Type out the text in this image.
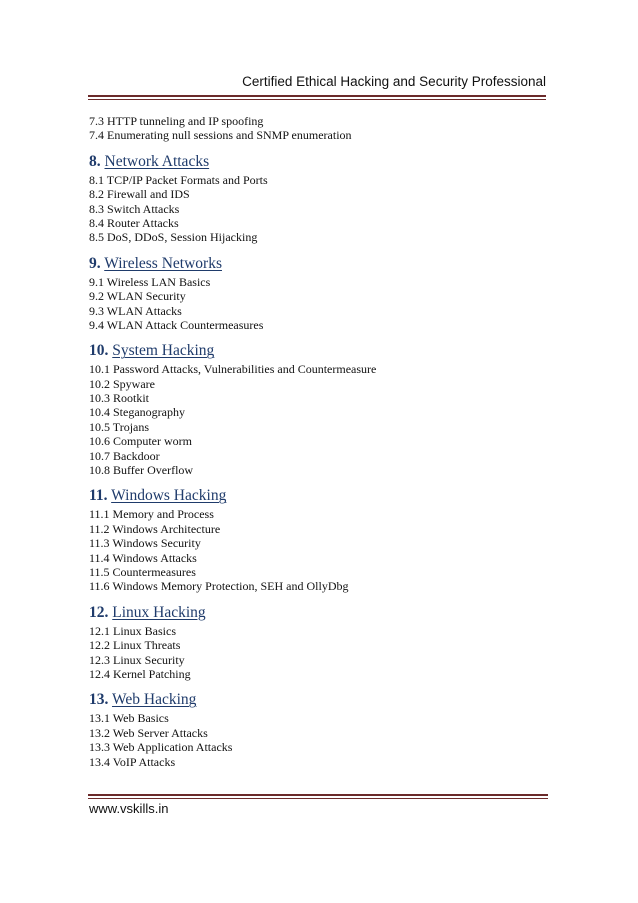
Certified Ethical Hacking and Security Professional
7.3 HTTP tunneling and IP spoofing
7.4 Enumerating null sessions and SNMP enumeration
8. Network Attacks
8.1 TCP/IP Packet Formats and Ports
8.2 Firewall and IDS
8.3 Switch Attacks
8.4 Router Attacks
8.5 DoS, DDoS, Session Hijacking
9. Wireless Networks
9.1 Wireless LAN Basics
9.2 WLAN Security
9.3 WLAN Attacks
9.4 WLAN Attack Countermeasures
10. System Hacking
10.1 Password Attacks, Vulnerabilities and Countermeasure
10.2 Spyware
10.3 Rootkit
10.4 Steganography
10.5 Trojans
10.6 Computer worm
10.7 Backdoor
10.8 Buffer Overflow
11. Windows Hacking
11.1 Memory and Process
11.2 Windows Architecture
11.3 Windows Security
11.4 Windows Attacks
11.5 Countermeasures
11.6 Windows Memory Protection, SEH and OllyDbg
12. Linux Hacking
12.1 Linux Basics
12.2 Linux Threats
12.3 Linux Security
12.4 Kernel Patching
13. Web Hacking
13.1 Web Basics
13.2 Web Server Attacks
13.3 Web Application Attacks
13.4 VoIP Attacks
www.vskills.in
